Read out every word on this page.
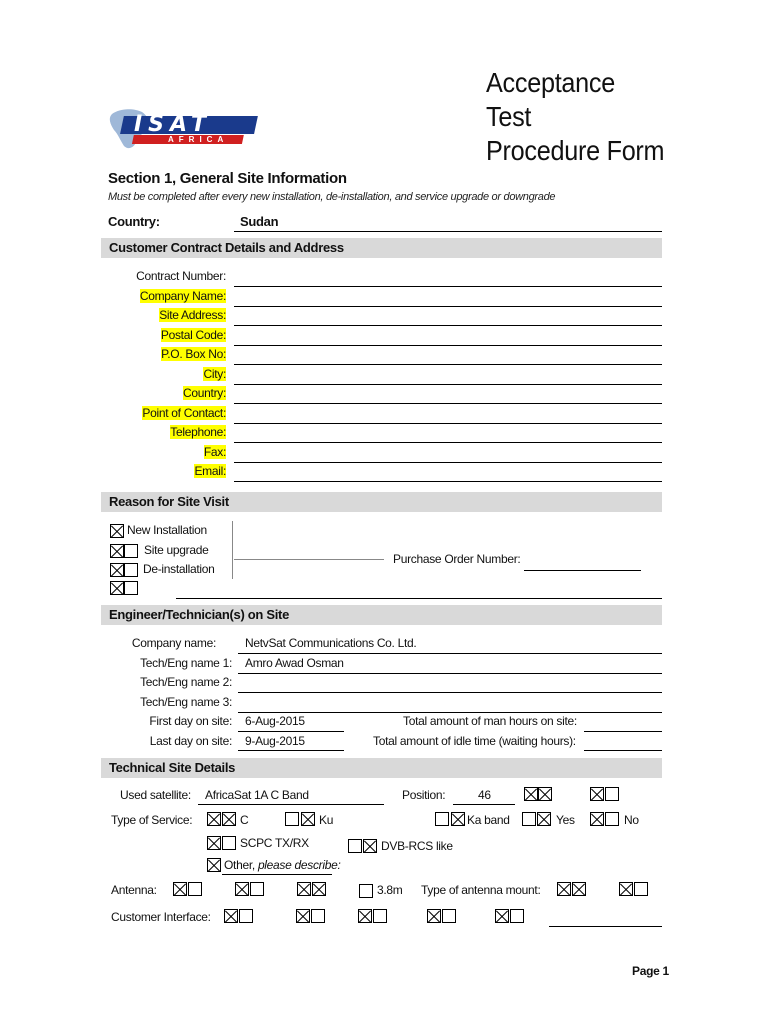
ISAT
AFRICA
Acceptance Test
Procedure Form
Section 1, General Site Information
Must be completed after every new installation, de-installation, and service upgrade or downgrade
Country:	Sudan
Customer Contract Details and Address
Contract Number:
Company Name:
Site Address:
Postal Code:
P.O. Box No:
City:
Country:
Point of Contact:
Telephone:
Fax:
Email:
Reason for Site Visit
New Installation
Site upgrade
De-installation
Purchase Order Number:
Engineer/Technician(s) on Site
Company name: NetvSat Communications Co. Ltd.
Tech/Eng name 1: Amro Awad Osman
Tech/Eng name 2:
Tech/Eng name 3:
First day on site: 6-Aug-2015	Total amount of man hours on site:
Last day on site: 9-Aug-2015	Total amount of idle time (waiting hours):
Technical Site Details
Used satellite: AfricaSat 1A C Band	Position:	46
Type of Service:	C	Ku	Ka band	Yes	No
SCPC TX/RX	DVB-RCS like
Other, please describe:
Antenna:	3.8m Type of antenna mount:
Customer Interface:
Page 1
